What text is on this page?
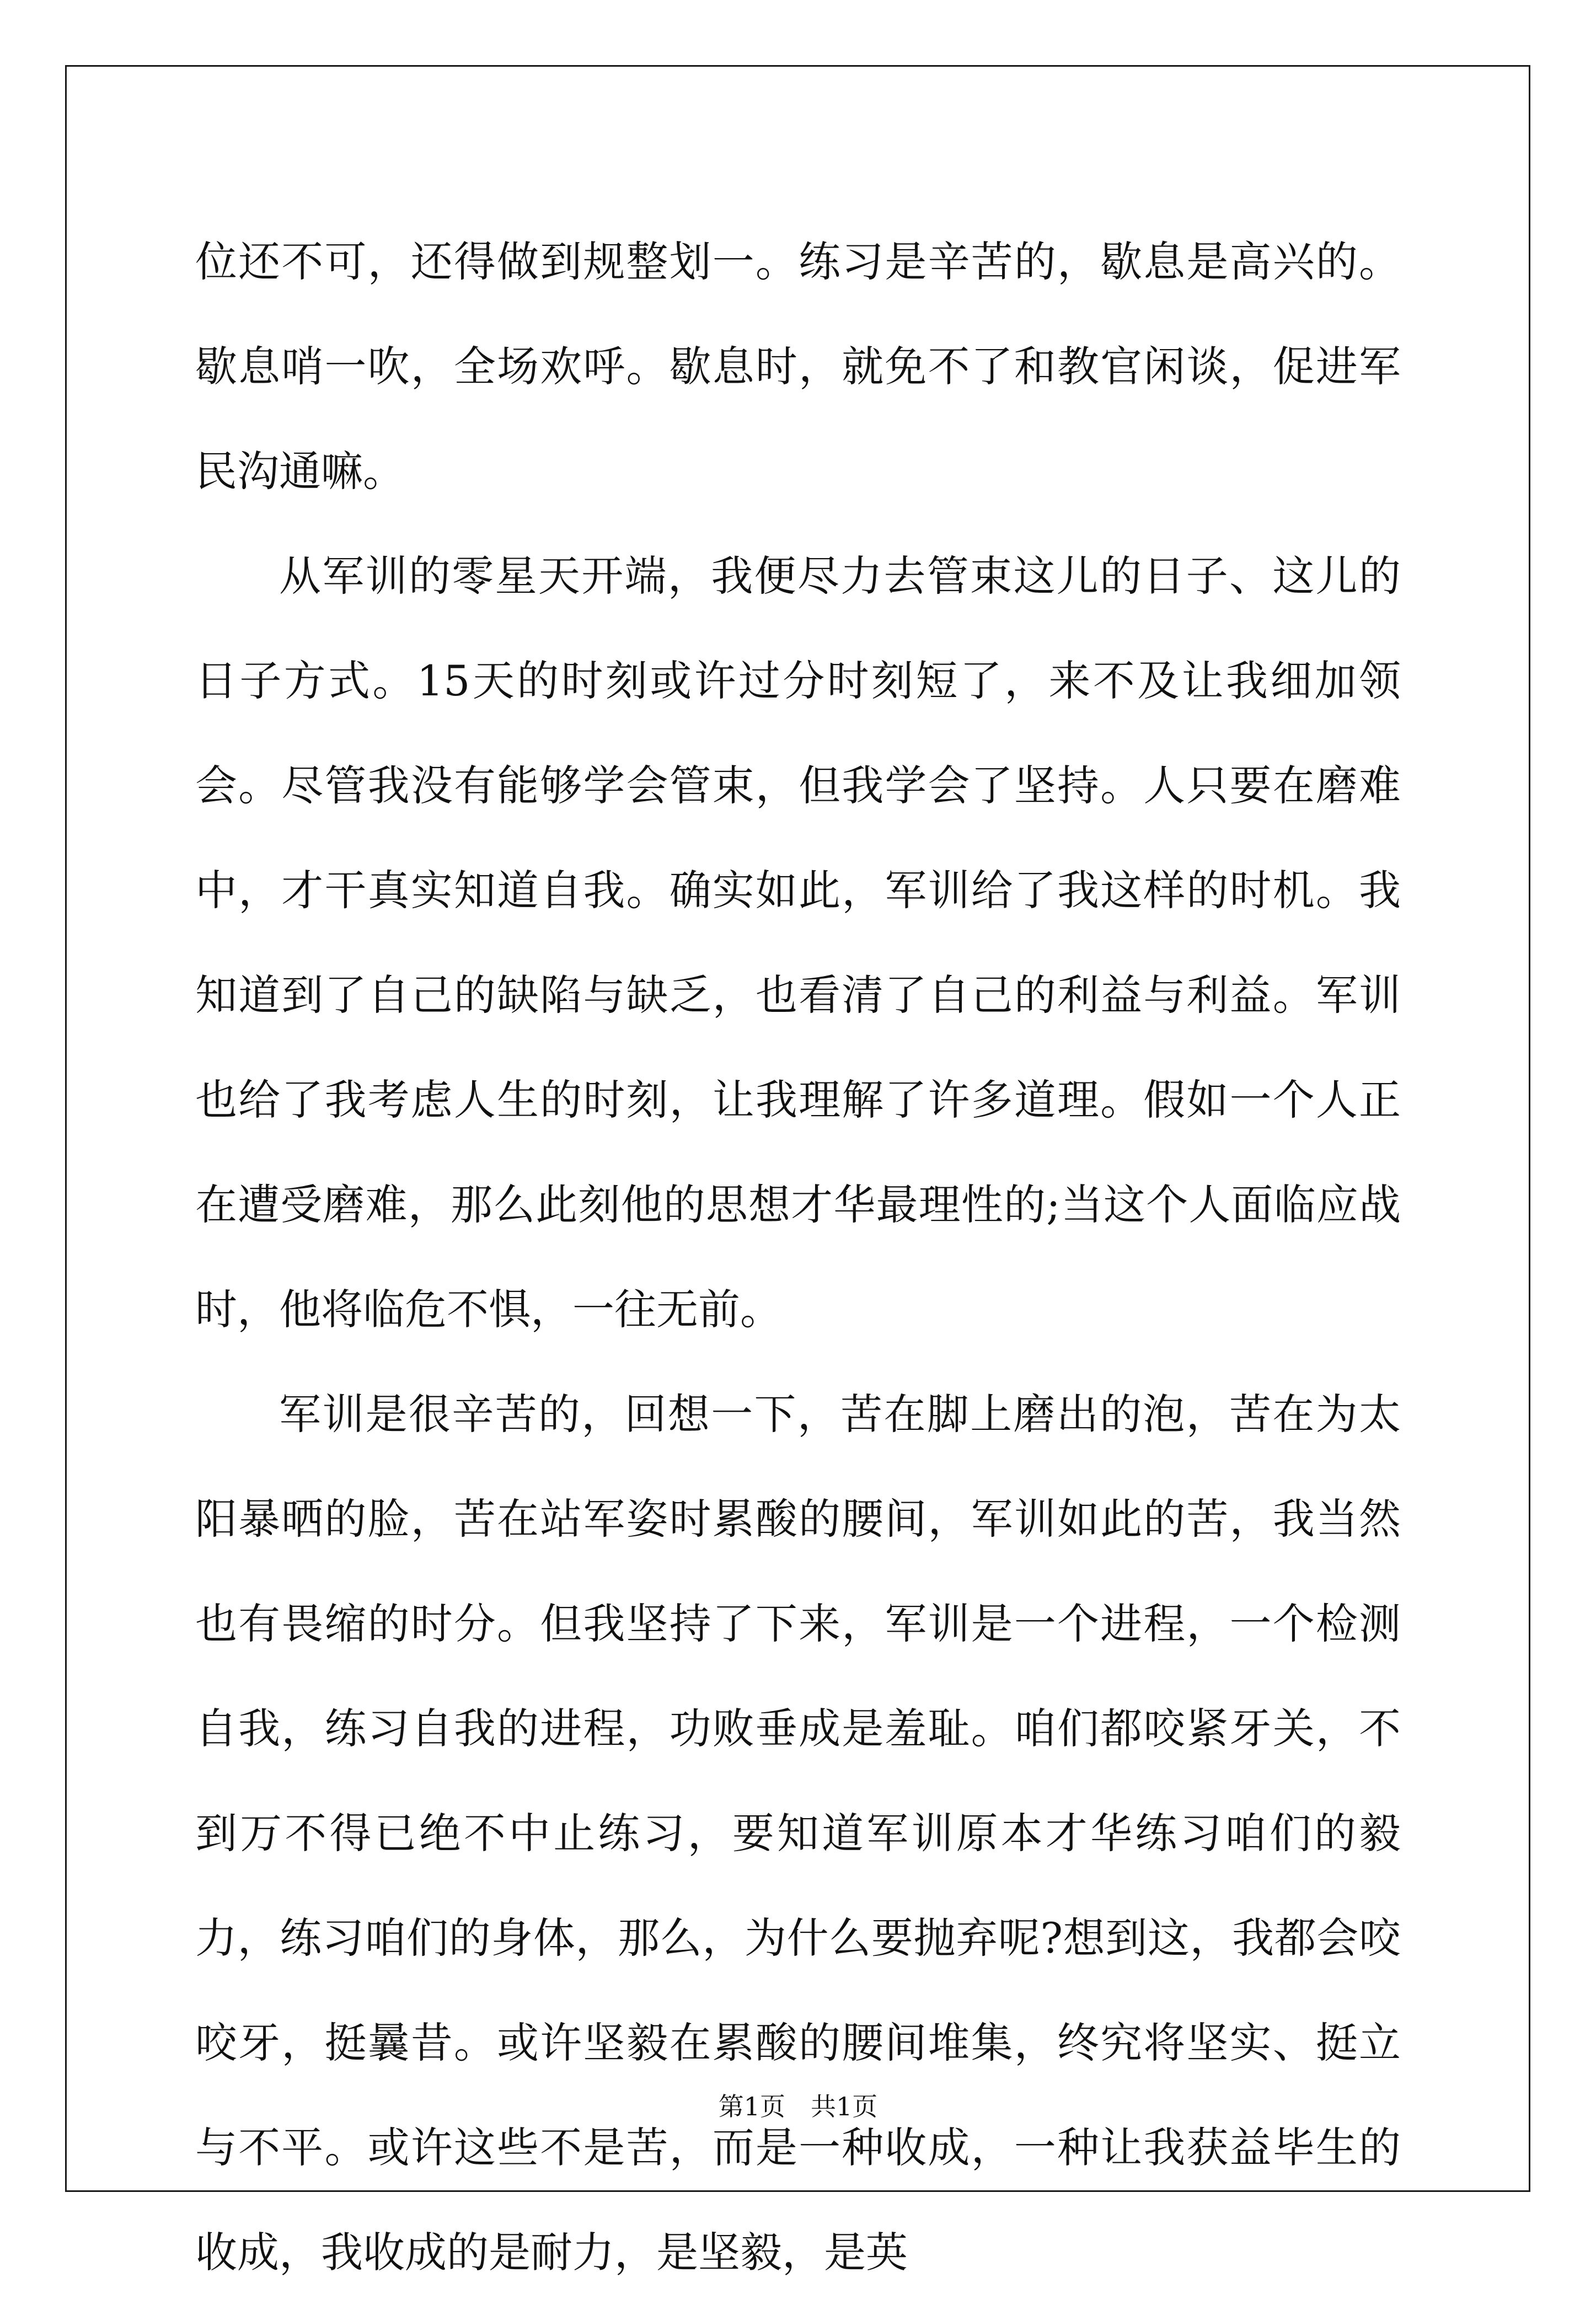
位还不可，还得做到规整划一。练习是辛苦的，歇息是高兴的。歇息哨一吹，全场欢呼。歇息时，就免不了和教官闲谈，促进军民沟通嘛。

从军训的零星天开端，我便尽力去管束这儿的日子、这儿的日子方式。15天的时刻或许过分时刻短了，来不及让我细加领会。尽管我没有能够学会管束，但我学会了坚持。人只要在磨难中，才干真实知道自我。确实如此，军训给了我这样的时机。我知道到了自己的缺陷与缺乏，也看清了自己的利益与利益。军训也给了我考虑人生的时刻，让我理解了许多道理。假如一个人正在遭受磨难，那么此刻他的思想才华最理性的;当这个人面临应战时，他将临危不惧，一往无前。

军训是很辛苦的，回想一下，苦在脚上磨出的泡，苦在为太阳暴晒的脸，苦在站军姿时累酸的腰间，军训如此的苦，我当然也有畏缩的时分。但我坚持了下来，军训是一个进程，一个检测自我，练习自我的进程，功败垂成是羞耻。咱们都咬紧牙关，不到万不得已绝不中止练习，要知道军训原本才华练习咱们的毅力，练习咱们的身体，那么，为什么要抛弃呢?想到这，我都会咬咬牙，挺曩昔。或许坚毅在累酸的腰间堆集，终究将坚实、挺立与不平。或许这些不是苦，而是一种收成，一种让我获益毕生的收成，我收成的是耐力，是坚毅，是英

第1页　共1页
